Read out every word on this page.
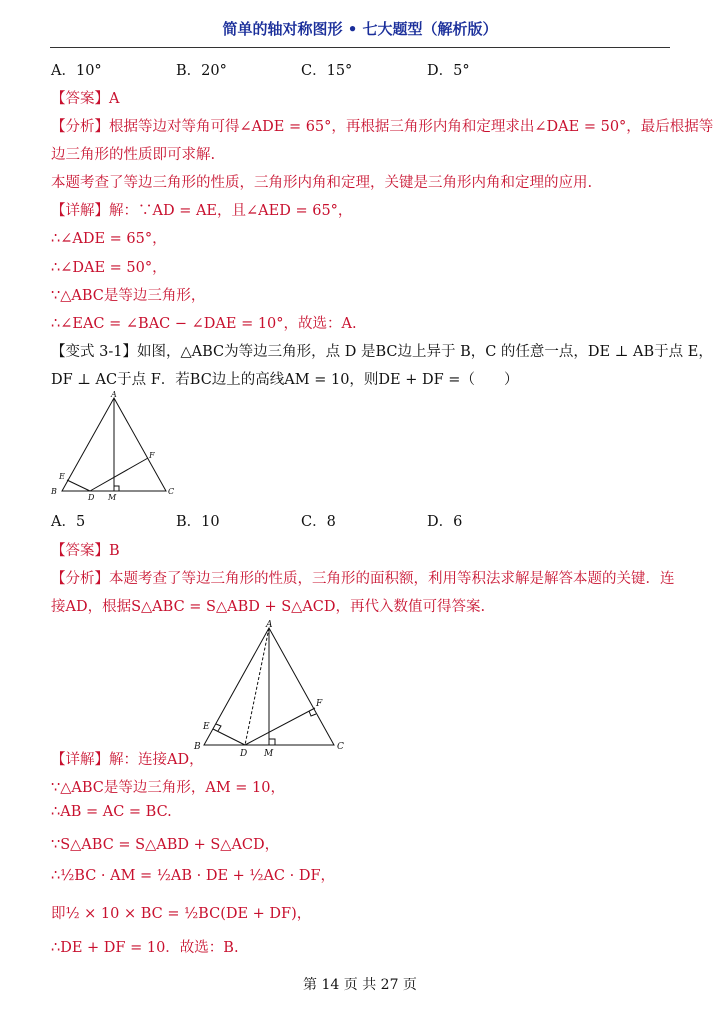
简单的轴对称图形 • 七大题型（解析版）
A．10°	B．20°	C．15°	D．5°
【答案】A
【分析】根据等边对等角可得∠ADE = 65°，再根据三角形内角和定理求出∠DAE = 50°，最后根据等
边三角形的性质即可求解.
本题考查了等边三角形的性质，三角形内角和定理，关键是三角形内角和定理的应用.
【详解】解：∵AD = AE，且∠AED = 65°，
∴∠ADE = 65°，
∴∠DAE = 50°，
∵△ABC是等边三角形，
∴∠EAC = ∠BAC − ∠DAE = 10°，故选：A.
【变式 3-1】如图，△ABC为等边三角形，点 D 是BC边上异于 B，C 的任意一点，DE ⊥ AB于点 E，
DF ⊥ AC于点 F．若BC边上的高线AM = 10，则DE + DF =（　　）
A
B	C
D
E
F
M
A．5	B．10	C．8	D．6
【答案】B
【分析】本题考查了等边三角形的性质，三角形的面积额，利用等积法求解是解答本题的关键．连
接AD，根据S△ABC = S△ABD + S△ACD，再代入数值可得答案.
A
B	C
D
E
F
M
【详解】解：连接AD，
∵△ABC是等边三角形，AM = 10，
∴AB = AC = BC.
∵S△ABC = S△ABD + S△ACD，
∴½BC · AM = ½AB · DE + ½AC · DF，
即½ × 10 × BC = ½BC(DE + DF)，
∴DE + DF = 10．故选：B.
第 14 页 共 27 页
